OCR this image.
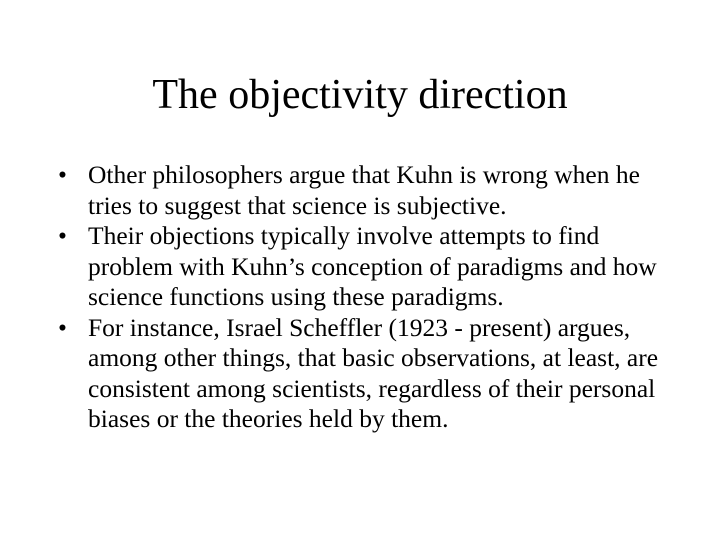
The objectivity direction
• Other philosophers argue that Kuhn is wrong when he tries to suggest that science is subjective.
• Their objections typically involve attempts to find problem with Kuhn’s conception of paradigms and how science functions using these paradigms.
• For instance, Israel Scheffler (1923 - present) argues, among other things, that basic observations, at least, are consistent among scientists, regardless of their personal biases or the theories held by them.
